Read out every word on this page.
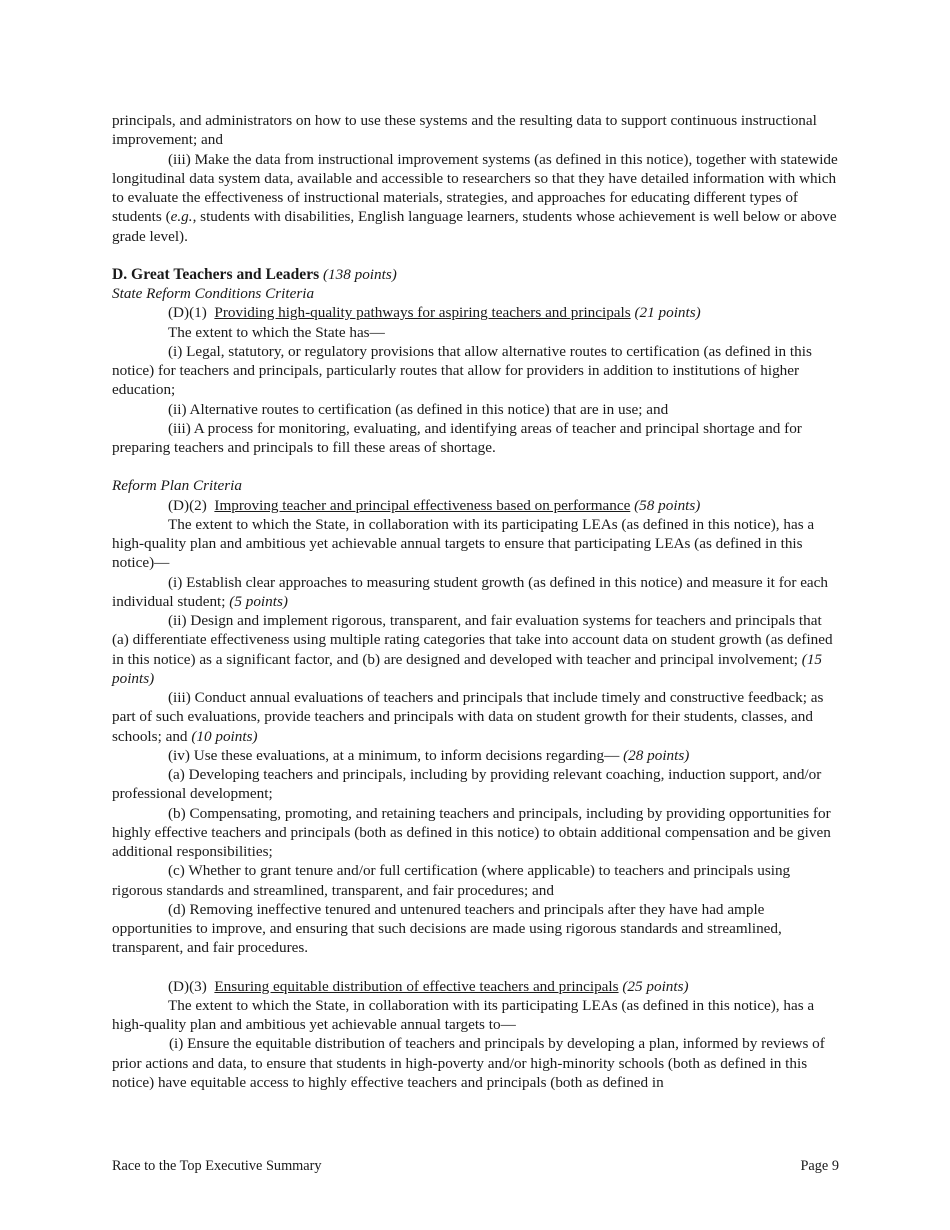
principals, and administrators on how to use these systems and the resulting data to support continuous instructional improvement; and

(iii) Make the data from instructional improvement systems (as defined in this notice), together with statewide longitudinal data system data, available and accessible to researchers so that they have detailed information with which to evaluate the effectiveness of instructional materials, strategies, and approaches for educating different types of students (e.g., students with disabilities, English language learners, students whose achievement is well below or above grade level).

D. Great Teachers and Leaders (138 points)

State Reform Conditions Criteria

(D)(1) Providing high-quality pathways for aspiring teachers and principals (21 points)

The extent to which the State has—

(i) Legal, statutory, or regulatory provisions that allow alternative routes to certification (as defined in this notice) for teachers and principals, particularly routes that allow for providers in addition to institutions of higher education;

(ii) Alternative routes to certification (as defined in this notice) that are in use; and

(iii) A process for monitoring, evaluating, and identifying areas of teacher and principal shortage and for preparing teachers and principals to fill these areas of shortage.

Reform Plan Criteria

(D)(2) Improving teacher and principal effectiveness based on performance (58 points)

The extent to which the State, in collaboration with its participating LEAs (as defined in this notice), has a high-quality plan and ambitious yet achievable annual targets to ensure that participating LEAs (as defined in this notice)—

(i) Establish clear approaches to measuring student growth (as defined in this notice) and measure it for each individual student; (5 points)

(ii) Design and implement rigorous, transparent, and fair evaluation systems for teachers and principals that (a) differentiate effectiveness using multiple rating categories that take into account data on student growth (as defined in this notice) as a significant factor, and (b) are designed and developed with teacher and principal involvement; (15 points)

(iii) Conduct annual evaluations of teachers and principals that include timely and constructive feedback; as part of such evaluations, provide teachers and principals with data on student growth for their students, classes, and schools; and (10 points)

(iv) Use these evaluations, at a minimum, to inform decisions regarding— (28 points)

(a) Developing teachers and principals, including by providing relevant coaching, induction support, and/or professional development;

(b) Compensating, promoting, and retaining teachers and principals, including by providing opportunities for highly effective teachers and principals (both as defined in this notice) to obtain additional compensation and be given additional responsibilities;

(c) Whether to grant tenure and/or full certification (where applicable) to teachers and principals using rigorous standards and streamlined, transparent, and fair procedures; and

(d) Removing ineffective tenured and untenured teachers and principals after they have had ample opportunities to improve, and ensuring that such decisions are made using rigorous standards and streamlined, transparent, and fair procedures.

(D)(3) Ensuring equitable distribution of effective teachers and principals (25 points)

The extent to which the State, in collaboration with its participating LEAs (as defined in this notice), has a high-quality plan and ambitious yet achievable annual targets to—

(i) Ensure the equitable distribution of teachers and principals by developing a plan, informed by reviews of prior actions and data, to ensure that students in high-poverty and/or high-minority schools (both as defined in this notice) have equitable access to highly effective teachers and principals (both as defined in

Race to the Top Executive Summary	Page 9
